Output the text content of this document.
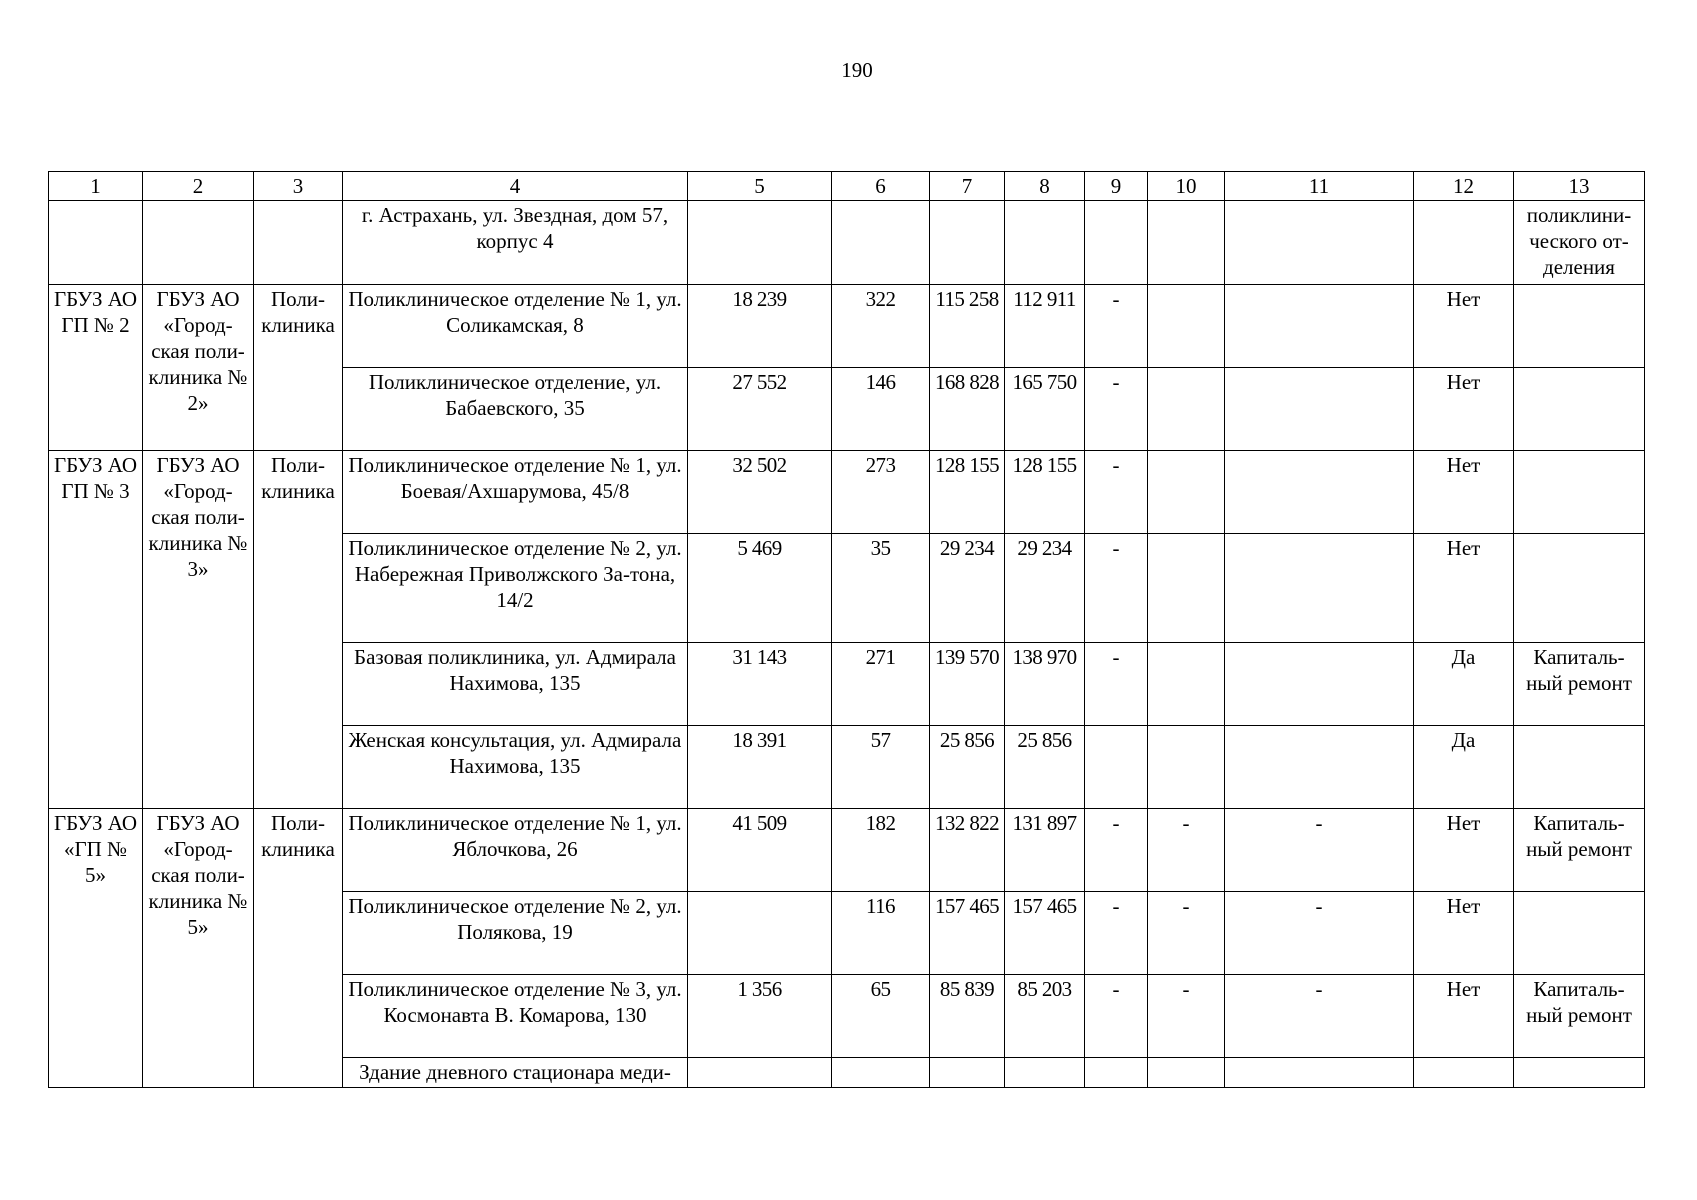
190
1	2	3	4	5	6	7	8	9	10	11	12	13
			г. Астрахань, ул. Звездная, дом 57, корпус 4									поликлини-ческого от-деления
ГБУЗ АО ГП № 2	ГБУЗ АО «Город-ская поли-клиника № 2»	Поли-клиника	Поликлиническое отделение № 1, ул. Соликамская, 8	18 239	322	115 258	112 911	-			Нет	
			Поликлиническое отделение, ул. Бабаевского, 35	27 552	146	168 828	165 750	-			Нет	
ГБУЗ АО ГП № 3	ГБУЗ АО «Город-ская поли-клиника № 3»	Поли-клиника	Поликлиническое отделение № 1, ул. Боевая/Ахшарумова, 45/8	32 502	273	128 155	128 155	-			Нет	
			Поликлиническое отделение № 2, ул. Набережная Приволжского За-тона, 14/2	5 469	35	29 234	29 234	-			Нет	
			Базовая поликлиника, ул. Адмирала Нахимова, 135	31 143	271	139 570	138 970	-			Да	Капиталь-ный ремонт
			Женская консультация, ул. Адмирала Нахимова, 135	18 391	57	25 856	25 856				Да	
ГБУЗ АО «ГП № 5»	ГБУЗ АО «Город-ская поли-клиника № 5»	Поли-клиника	Поликлиническое отделение № 1, ул. Яблочкова, 26	41 509	182	132 822	131 897	-	-	-	Нет	Капиталь-ный ремонт
			Поликлиническое отделение № 2, ул. Полякова, 19		116	157 465	157 465	-	-	-	Нет	
			Поликлиническое отделение № 3, ул. Космонавта В. Комарова, 130	1 356	65	85 839	85 203	-	-	-	Нет	Капиталь-ный ремонт
			Здание дневного стационара меди-									
